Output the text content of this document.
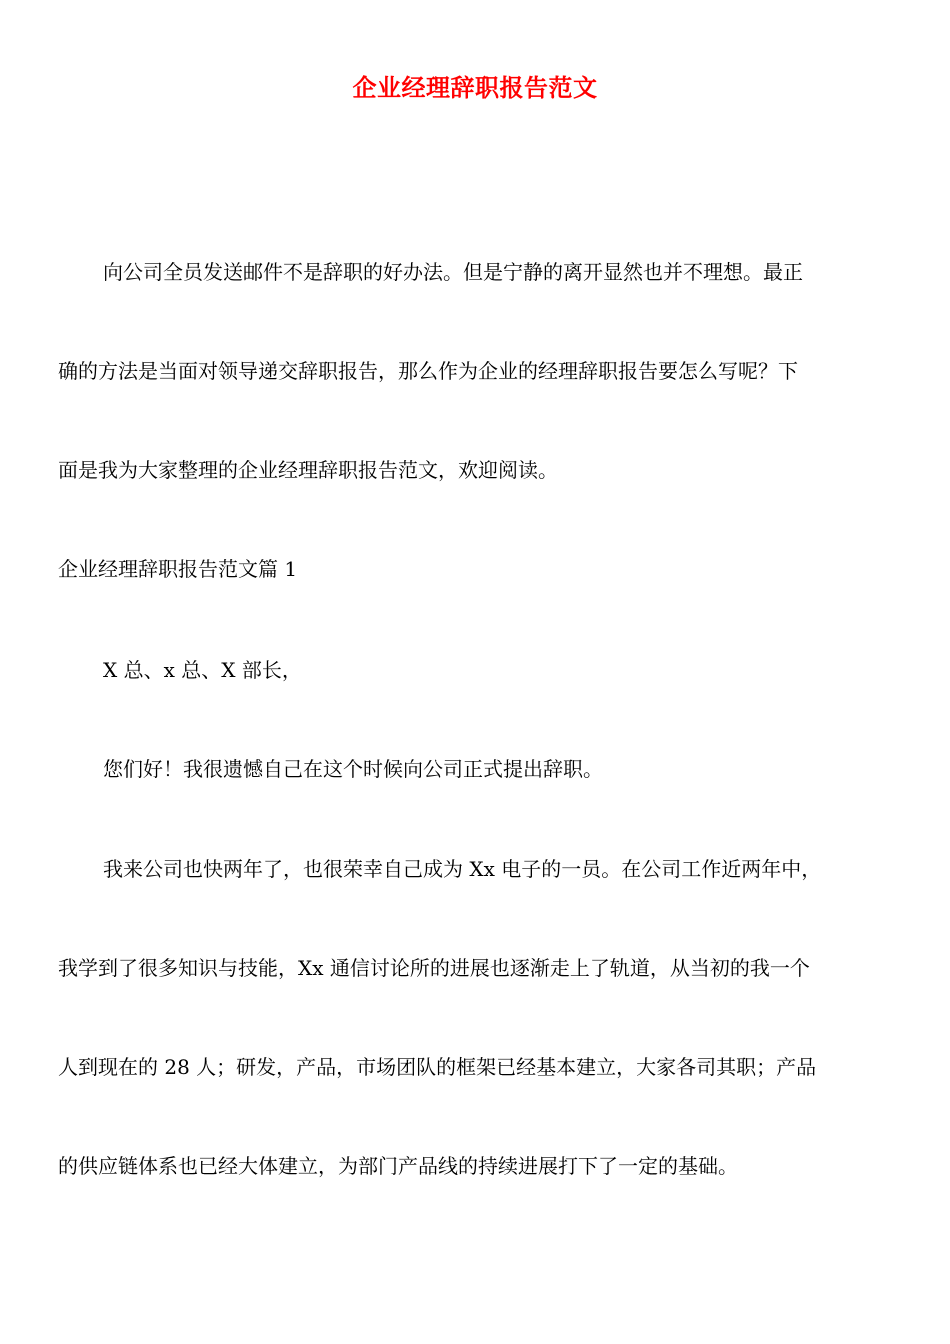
企业经理辞职报告范文
向公司全员发送邮件不是辞职的好办法。但是宁静的离开显然也并不理想。最正
确的方法是当面对领导递交辞职报告，那么作为企业的经理辞职报告要怎么写呢？下
面是我为大家整理的企业经理辞职报告范文，欢迎阅读。
企业经理辞职报告范文篇 1
X 总、x 总、X 部长，
您们好！我很遗憾自己在这个时候向公司正式提出辞职。
我来公司也快两年了，也很荣幸自己成为 Xx 电子的一员。在公司工作近两年中，
我学到了很多知识与技能，Xx 通信讨论所的进展也逐渐走上了轨道，从当初的我一个
人到现在的 28 人；研发，产品，市场团队的框架已经基本建立，大家各司其职；产品
的供应链体系也已经大体建立，为部门产品线的持续进展打下了一定的基础。
